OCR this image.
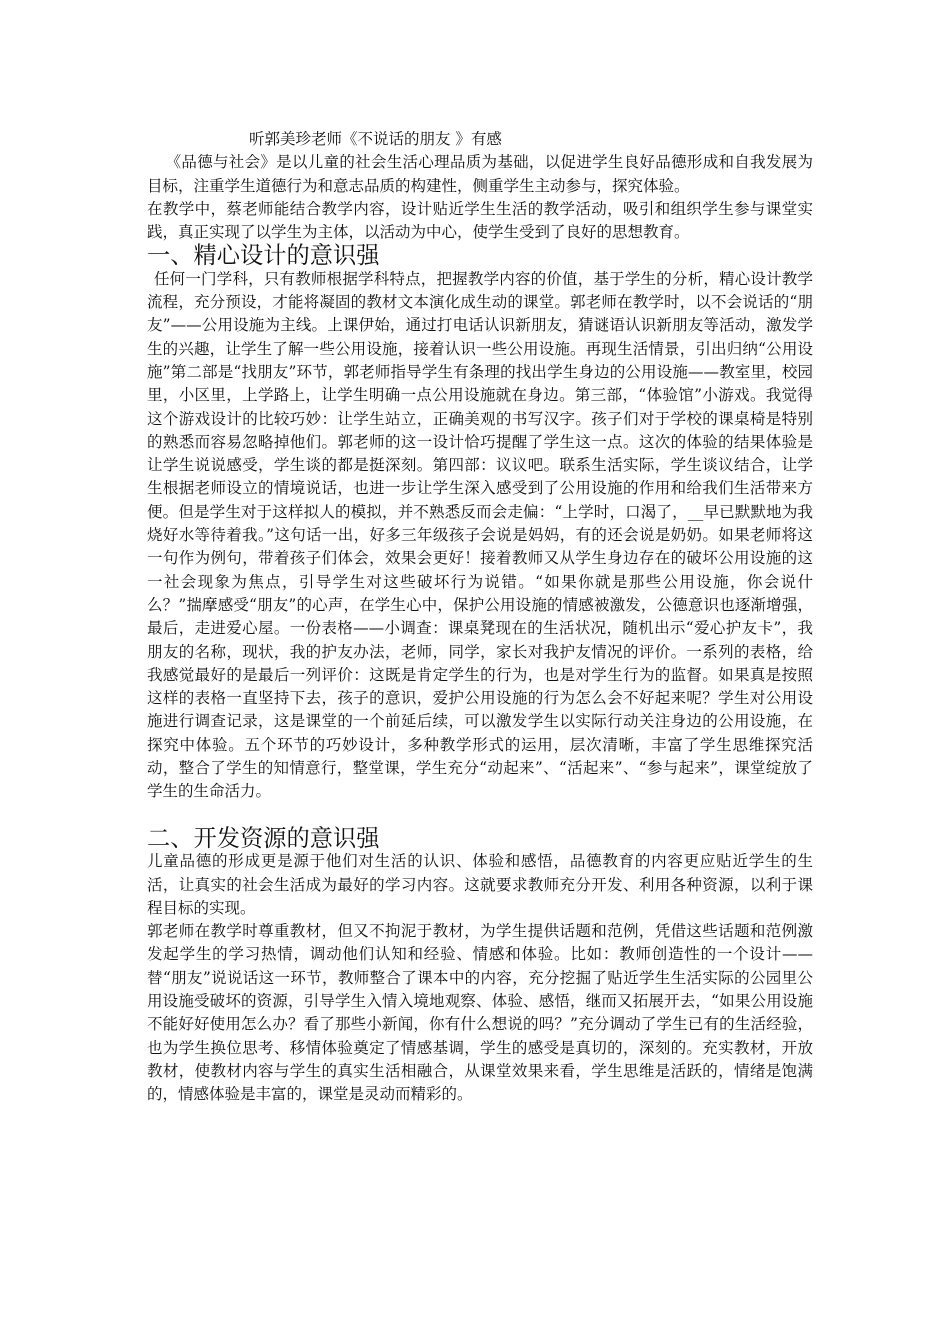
听郭美珍老师《不说话的朋友 》有感

《品德与社会》是以儿童的社会生活心理品质为基础，以促进学生良好品德形成和自我发展为目标，注重学生道德行为和意志品质的构建性，侧重学生主动参与，探究体验。

在教学中，蔡老师能结合教学内容，设计贴近学生生活的教学活动，吸引和组织学生参与课堂实践，真正实现了以学生为主体，以活动为中心，使学生受到了良好的思想教育。

一、精心设计的意识强

任何一门学科，只有教师根据学科特点，把握教学内容的价值，基于学生的分析，精心设计教学流程，充分预设，才能将凝固的教材文本演化成生动的课堂。郭老师在教学时，以不会说话的“朋友”——公用设施为主线。上课伊始，通过打电话认识新朋友，猜谜语认识新朋友等活动，激发学生的兴趣，让学生了解一些公用设施，接着认识一些公用设施。再现生活情景，引出归纳“公用设施”第二部是“找朋友”环节，郭老师指导学生有条理的找出学生身边的公用设施——教室里，校园里，小区里，上学路上，让学生明确一点公用设施就在身边。第三部，“体验馆”小游戏。我觉得这个游戏设计的比较巧妙：让学生站立，正确美观的书写汉字。孩子们对于学校的课桌椅是特别的熟悉而容易忽略掉他们。郭老师的这一设计恰巧提醒了学生这一点。这次的体验的结果体验是让学生说说感受，学生谈的都是挺深刻。第四部：议议吧。联系生活实际，学生谈议结合，让学生根据老师设立的情境说话，也进一步让学生深入感受到了公用设施的作用和给我们生活带来方便。但是学生对于这样拟人的模拟，并不熟悉反而会走偏：“上学时，口渴了，__早已默默地为我烧好水等待着我。”这句话一出，好多三年级孩子会说是妈妈，有的还会说是奶奶。如果老师将这一句作为例句，带着孩子们体会，效果会更好！接着教师又从学生身边存在的破坏公用设施的这一社会现象为焦点，引导学生对这些破坏行为说错。“如果你就是那些公用设施，你会说什么？”揣摩感受“朋友”的心声，在学生心中，保护公用设施的情感被激发，公德意识也逐渐增强，最后，走进爱心屋。一份表格——小调查：课桌凳现在的生活状况，随机出示“爱心护友卡”，我朋友的名称，现状，我的护友办法，老师，同学，家长对我护友情况的评价。一系列的表格，给我感觉最好的是最后一列评价：这既是肯定学生的行为，也是对学生行为的监督。如果真是按照这样的表格一直坚持下去，孩子的意识，爱护公用设施的行为怎么会不好起来呢？学生对公用设施进行调查记录，这是课堂的一个前延后续，可以激发学生以实际行动关注身边的公用设施，在探究中体验。五个环节的巧妙设计，多种教学形式的运用，层次清晰，丰富了学生思维探究活动，整合了学生的知情意行，整堂课，学生充分“动起来”、“活起来”、“参与起来”，课堂绽放了学生的生命活力。

二、开发资源的意识强

儿童品德的形成更是源于他们对生活的认识、体验和感悟，品德教育的内容更应贴近学生的生活，让真实的社会生活成为最好的学习内容。这就要求教师充分开发、利用各种资源，以利于课程目标的实现。

郭老师在教学时尊重教材，但又不拘泥于教材，为学生提供话题和范例，凭借这些话题和范例激发起学生的学习热情，调动他们认知和经验、情感和体验。比如：教师创造性的一个设计——替“朋友”说说话这一环节，教师整合了课本中的内容，充分挖掘了贴近学生生活实际的公园里公用设施受破坏的资源，引导学生入情入境地观察、体验、感悟，继而又拓展开去，“如果公用设施不能好好使用怎么办？看了那些小新闻，你有什么想说的吗？”充分调动了学生已有的生活经验，也为学生换位思考、移情体验奠定了情感基调，学生的感受是真切的，深刻的。充实教材，开放教材，使教材内容与学生的真实生活相融合，从课堂效果来看，学生思维是活跃的，情绪是饱满的，情感体验是丰富的，课堂是灵动而精彩的。
